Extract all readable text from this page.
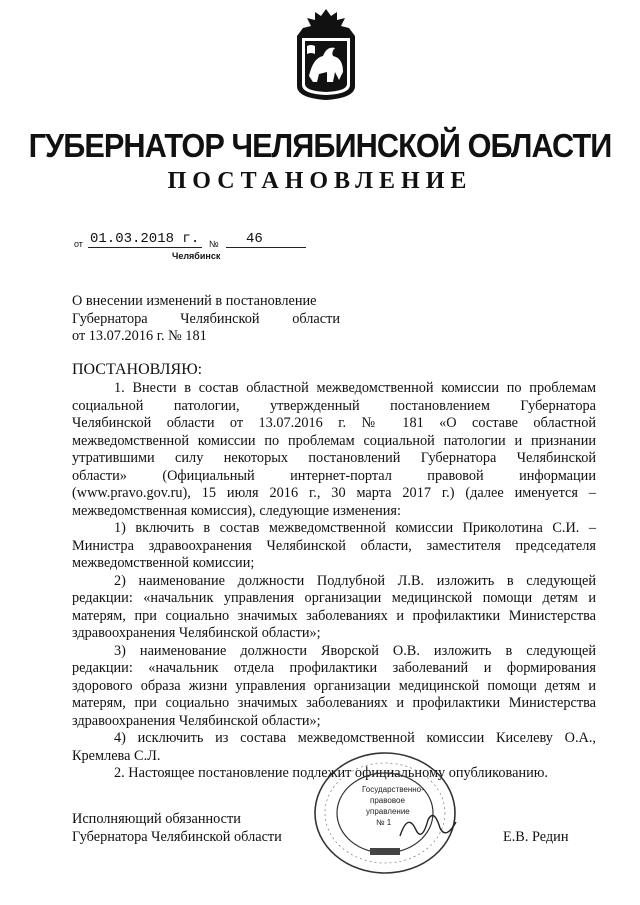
ГУБЕРНАТОР ЧЕЛЯБИНСКОЙ ОБЛАСТИ
ПОСТАНОВЛЕНИЕ
от 01.03.2018 г. № 46
Челябинск
О внесении изменений в постановление
Губернатора Челябинской области
от 13.07.2016 г. № 181
ПОСТАНОВЛЯЮ:
1. Внести в состав областной межведомственной комиссии по проблемам
социальной патологии, утвержденный постановлением Губернатора
Челябинской области от 13.07.2016 г. № 181 «О составе областной
межведомственной комиссии по проблемам социальной патологии и признании
утратившими силу некоторых постановлений Губернатора Челябинской
области» (Официальный интернет-портал правовой информации
(www.pravo.gov.ru), 15 июля 2016 г., 30 марта 2017 г.) (далее именуется –
межведомственная комиссия), следующие изменения:
1) включить в состав межведомственной комиссии Приколотина С.И. –
Министра здравоохранения Челябинской области, заместителя председателя
межведомственной комиссии;
2) наименование должности Подлубной Л.В. изложить в следующей
редакции: «начальник управления организации медицинской помощи детям и
матерям, при социально значимых заболеваниях и профилактики Министерства
здравоохранения Челябинской области»;
3) наименование должности Яворской О.В. изложить в следующей
редакции: «начальник отдела профилактики заболеваний и формирования
здорового образа жизни управления организации медицинской помощи детям и
матерям, при социально значимых заболеваниях и профилактики Министерства
здравоохранения Челябинской области»;
4) исключить из состава межведомственной комиссии Киселеву О.А.,
Кремлева С.Л.
2. Настоящее постановление подлежит официальному опубликованию.
Исполняющий обязанности
Губернатора Челябинской области	Е.В. Редин
Государственно-
правовое
управление
№ 1
